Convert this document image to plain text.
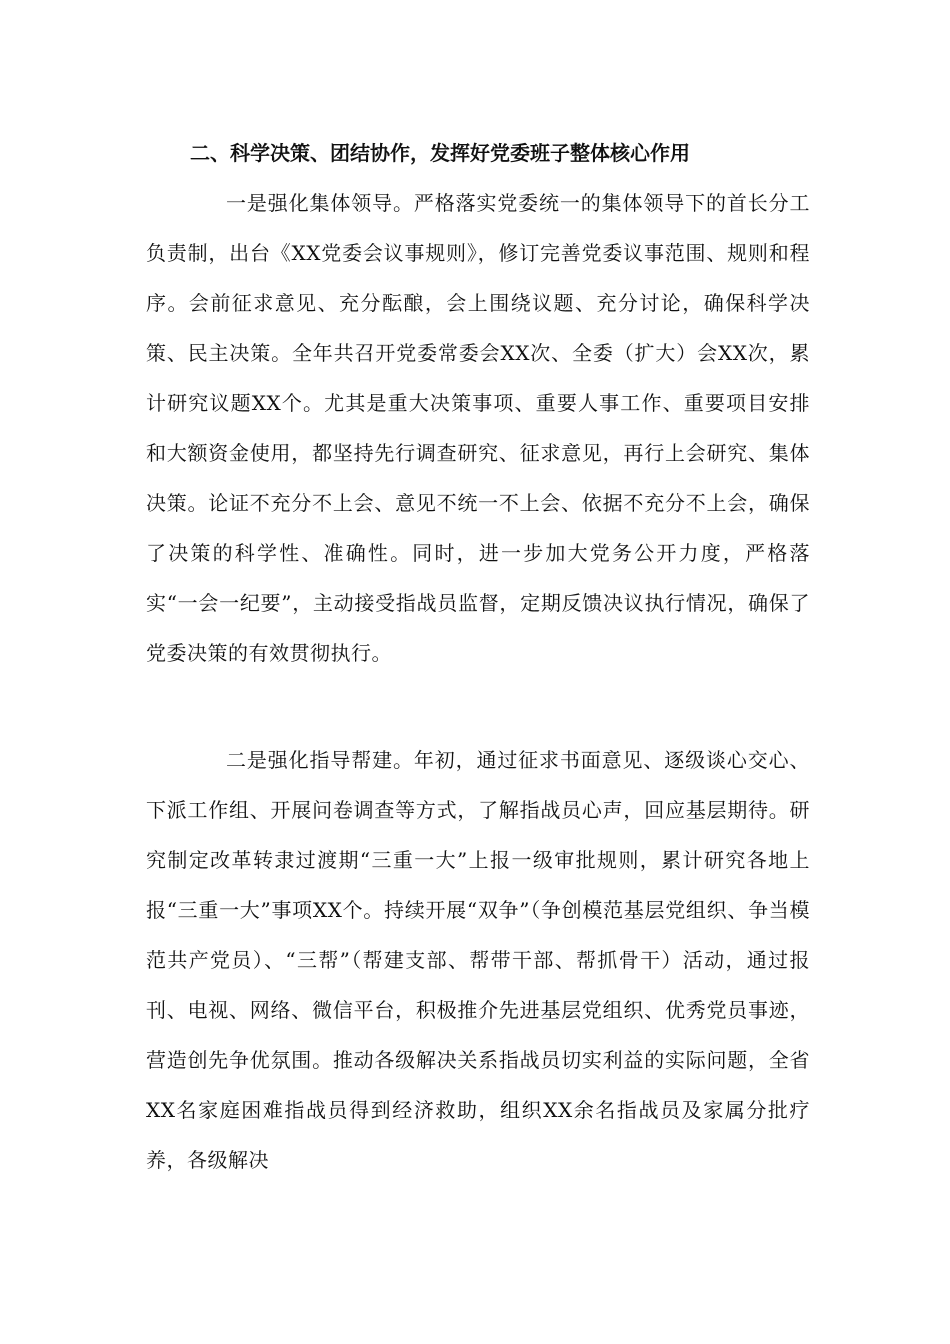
二、科学决策、团结协作，发挥好党委班子整体核心作用

一是强化集体领导。严格落实党委统一的集体领导下的首长分工负责制，出台《XX党委会议事规则》，修订完善党委议事范围、规则和程序。会前征求意见、充分酝酿，会上围绕议题、充分讨论，确保科学决策、民主决策。全年共召开党委常委会XX次、全委（扩大）会XX次，累计研究议题XX个。尤其是重大决策事项、重要人事工作、重要项目安排和大额资金使用，都坚持先行调查研究、征求意见，再行上会研究、集体决策。论证不充分不上会、意见不统一不上会、依据不充分不上会，确保了决策的科学性、准确性。同时，进一步加大党务公开力度，严格落实“一会一纪要”，主动接受指战员监督，定期反馈决议执行情况，确保了党委决策的有效贯彻执行。

二是强化指导帮建。年初，通过征求书面意见、逐级谈心交心、下派工作组、开展问卷调查等方式，了解指战员心声，回应基层期待。研究制定改革转隶过渡期“三重一大”上报一级审批规则，累计研究各地上报“三重一大”事项XX个。持续开展“双争”（争创模范基层党组织、争当模范共产党员）、“三帮”（帮建支部、帮带干部、帮抓骨干）活动，通过报刊、电视、网络、微信平台，积极推介先进基层党组织、优秀党员事迹，营造创先争优氛围。推动各级解决关系指战员切实利益的实际问题，全省XX名家庭困难指战员得到经济救助，组织XX余名指战员及家属分批疗养，各级解决
